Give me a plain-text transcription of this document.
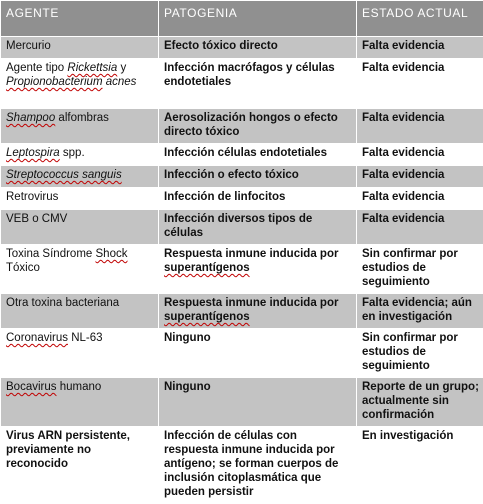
AGENTE	PATOGENIA	ESTADO ACTUAL
Mercurio	Efecto tóxico directo	Falta evidencia
Agente tipo Rickettsia y Propionobacterium acnes	Infección macrófagos y células endotetiales	Falta evidencia
Shampoo alfombras	Aerosolización hongos o efecto directo tóxico	Falta evidencia
Leptospira spp.	Infección células endotetiales	Falta evidencia
Streptococcus sanguis	Infección o efecto tóxico	Falta evidencia
Retrovirus	Infección de linfocitos	Falta evidencia
VEB o CMV	Infección diversos tipos de células	Falta evidencia
Toxina Síndrome Shock Tóxico	Respuesta inmune inducida por superantígenos	Sin confirmar por estudios de seguimiento
Otra toxina bacteriana	Respuesta inmune inducida por superantígenos	Falta evidencia; aún en investigación
Coronavirus NL-63	Ninguno	Sin confirmar por estudios de seguimiento
Bocavirus humano	Ninguno	Reporte de un grupo; actualmente sin confirmación
Virus ARN persistente, previamente no reconocido	Infección de células con respuesta inmune inducida por antígeno; se forman cuerpos de inclusión citoplasmática que pueden persistir	En investigación
